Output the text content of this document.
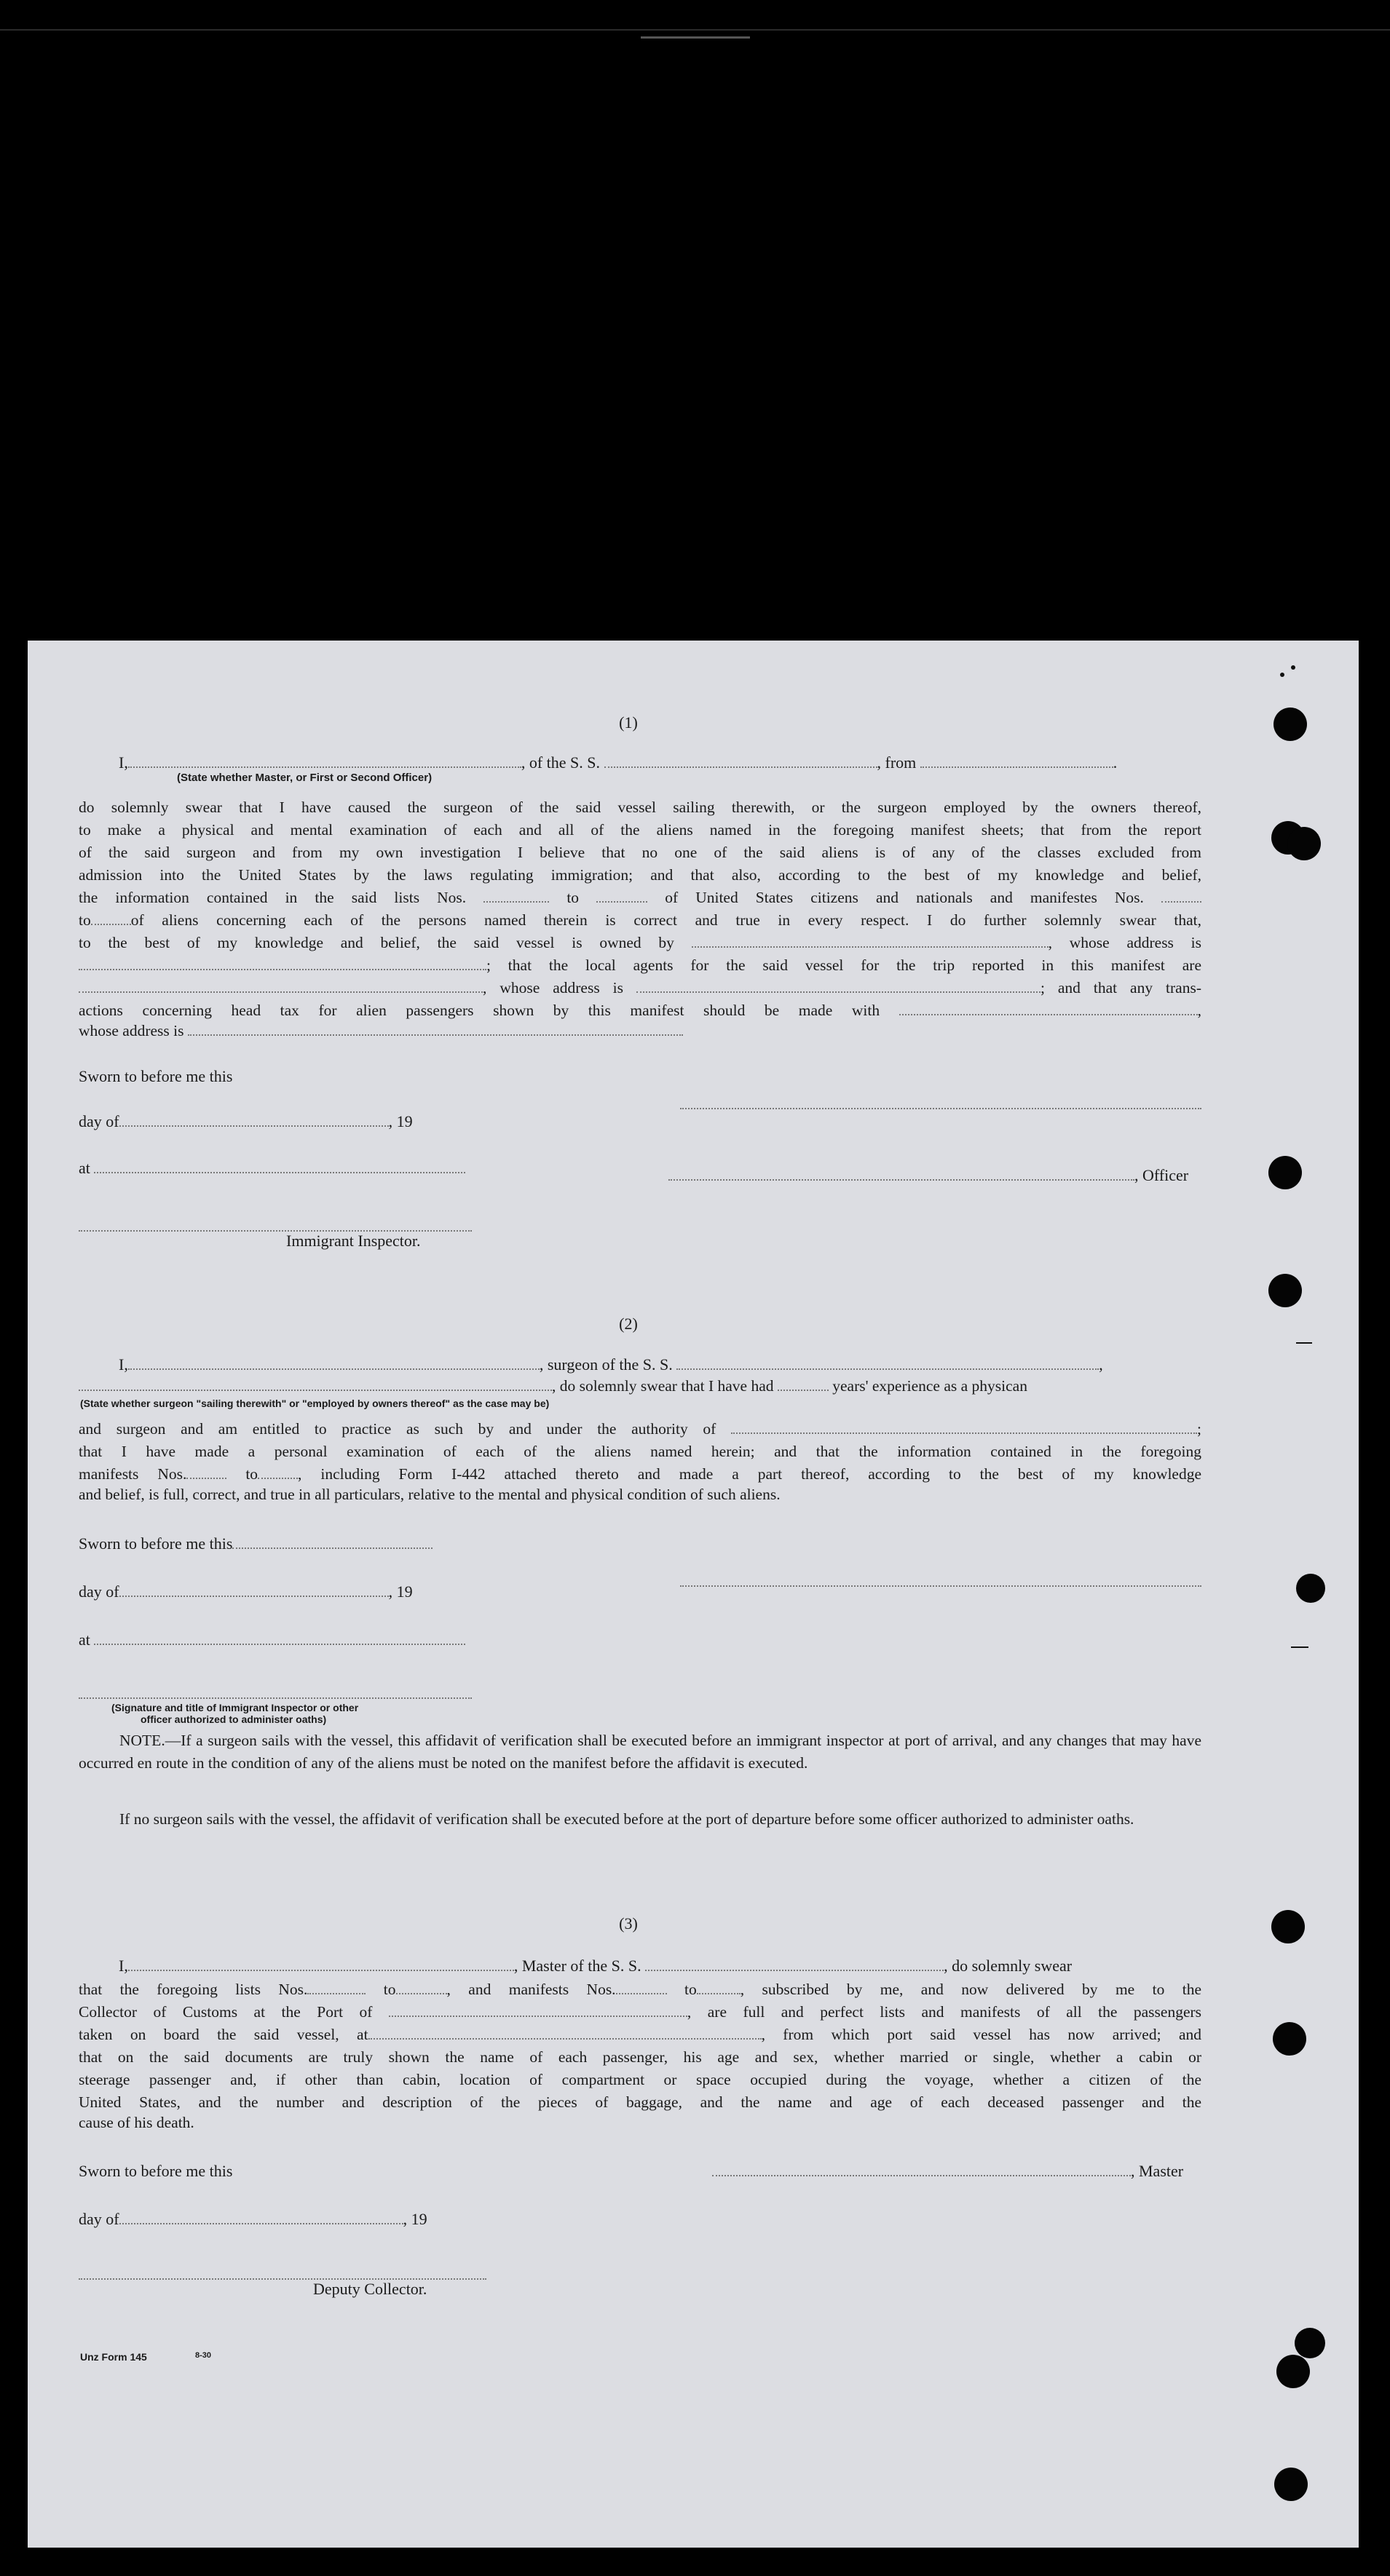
(1)
I,	, of the S. S.	, from	.
(State whether Master, or First or Second Officer)
do solemnly swear that I have caused the surgeon of the said vessel sailing therewith, or the surgeon employed by the owners thereof,
to make a physical and mental examination of each and all of the aliens named in the foregoing manifest sheets; that from the report
of the said surgeon and from my own investigation I believe that no one of the said aliens is of any of the classes excluded from
admission into the United States by the laws regulating immigration; and that also, according to the best of my knowledge and belief,
the information contained in the said lists Nos.	to	of United States citizens and nationals and manifestes Nos.
to	of aliens concerning each of the persons named therein is correct and true in every respect. I do further solemnly swear that,
to the best of my knowledge and belief, the said vessel is owned by	, whose address is
; that the local agents for the said vessel for the trip reported in this manifest are
, whose address is	; and that any trans-
actions concerning head tax for alien passengers shown by this manifest should be made with	,
whose address is
Sworn to before me this
day of	, 19
at	, Officer
Immigrant Inspector.
(2)
I,	, surgeon of the S. S.	,
, do solemnly swear that I have had	years' experience as a physican
(State whether surgeon "sailing therewith" or "employed by owners thereof" as the case may be)
and surgeon and am entitled to practice as such by and under the authority of	;
that I have made a personal examination of each of the aliens named herein; and that the information contained in the foregoing
manifests Nos.	to	, including Form I-442 attached thereto and made a part thereof, according to the best of my knowledge
and belief, is full, correct, and true in all particulars, relative to the mental and physical condition of such aliens.
Sworn to before me this
day of	, 19
at
(Signature and title of Immigrant Inspector or other
officer authorized to administer oaths)
NOTE.—If a surgeon sails with the vessel, this affidavit of verification shall be executed before an immigrant inspector at port of arrival, and any changes that may have occurred en route in the condition of any of the aliens must be noted on the manifest before the affidavit is executed.
If no surgeon sails with the vessel, the affidavit of verification shall be executed before at the port of departure before some officer authorized to administer oaths.
(3)
I,	, Master of the S. S.	, do solemnly swear
that the foregoing lists Nos.	to	, and manifests Nos.	to	, subscribed by me, and now delivered by me to the
Collector of Customs at the Port of	, are full and perfect lists and manifests of all the passengers
taken on board the said vessel, at	, from which port said vessel has now arrived; and
that on the said documents are truly shown the name of each passenger, his age and sex, whether married or single, whether a cabin or
steerage passenger and, if other than cabin, location of compartment or space occupied during the voyage, whether a citizen of the
United States, and the number and description of the pieces of baggage, and the name and age of each deceased passenger and the
cause of his death.
Sworn to before me this	, Master
day of	, 19
Deputy Collector.
Unz Form 145	8-30
